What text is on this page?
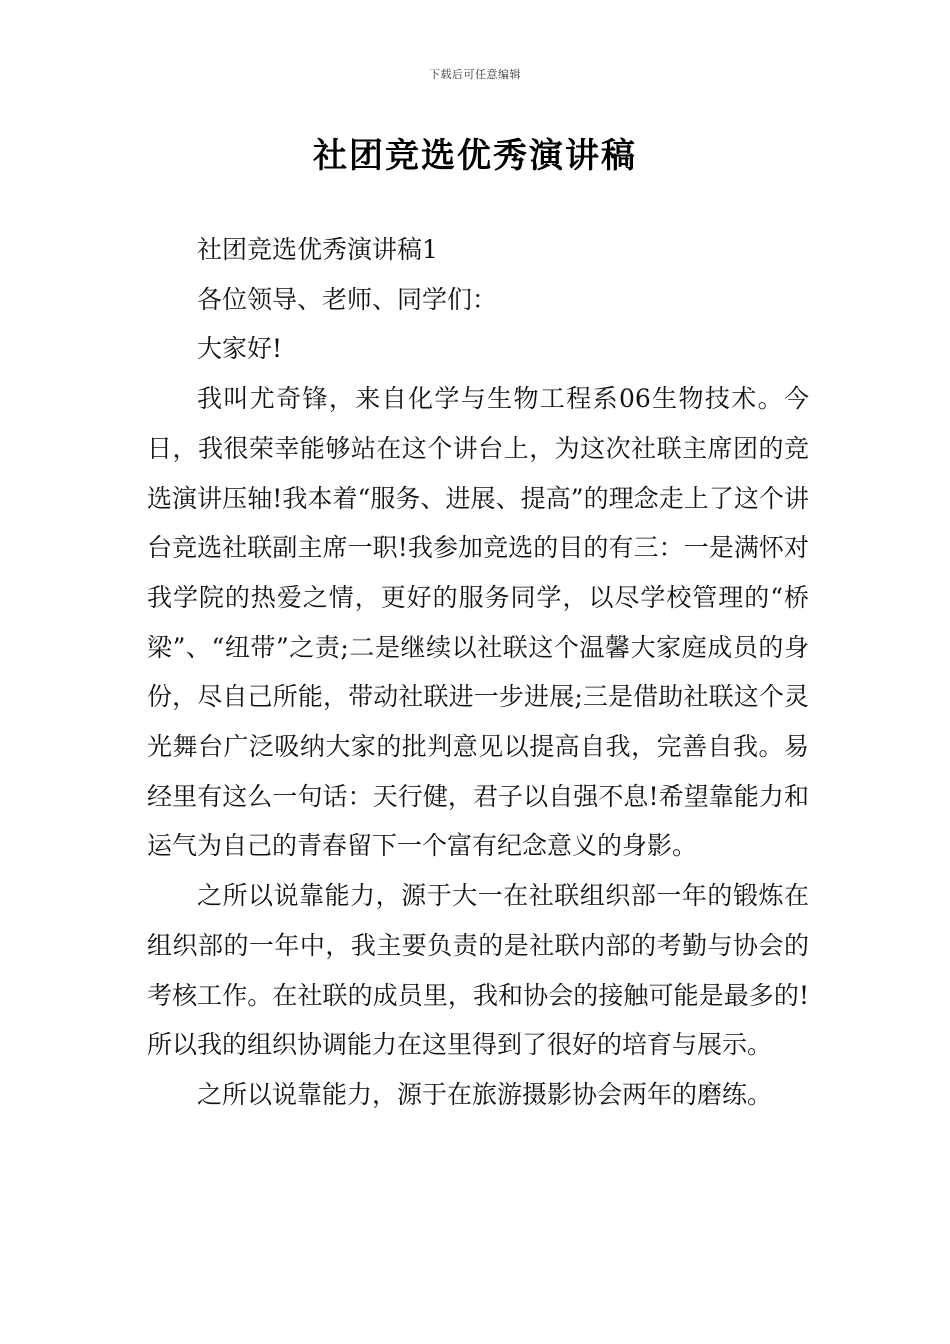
下载后可任意编辑
社团竞选优秀演讲稿

社团竞选优秀演讲稿1

各位领导、老师、同学们：

大家好!

我叫尤奇锋，来自化学与生物工程系06生物技术。今日，我很荣幸能够站在这个讲台上，为这次社联主席团的竞选演讲压轴!我本着“服务、进展、提高”的理念走上了这个讲台竞选社联副主席一职!我参加竞选的目的有三：一是满怀对我学院的热爱之情，更好的服务同学，以尽学校管理的“桥梁”、“纽带”之责;二是继续以社联这个温馨大家庭成员的身份，尽自己所能，带动社联进一步进展;三是借助社联这个灵光舞台广泛吸纳大家的批判意见以提高自我，完善自我。易经里有这么一句话：天行健，君子以自强不息!希望靠能力和运气为自己的青春留下一个富有纪念意义的身影。

之所以说靠能力，源于大一在社联组织部一年的锻炼在组织部的一年中，我主要负责的是社联内部的考勤与协会的考核工作。在社联的成员里，我和协会的接触可能是最多的!所以我的组织协调能力在这里得到了很好的培育与展示。

之所以说靠能力，源于在旅游摄影协会两年的磨练。
